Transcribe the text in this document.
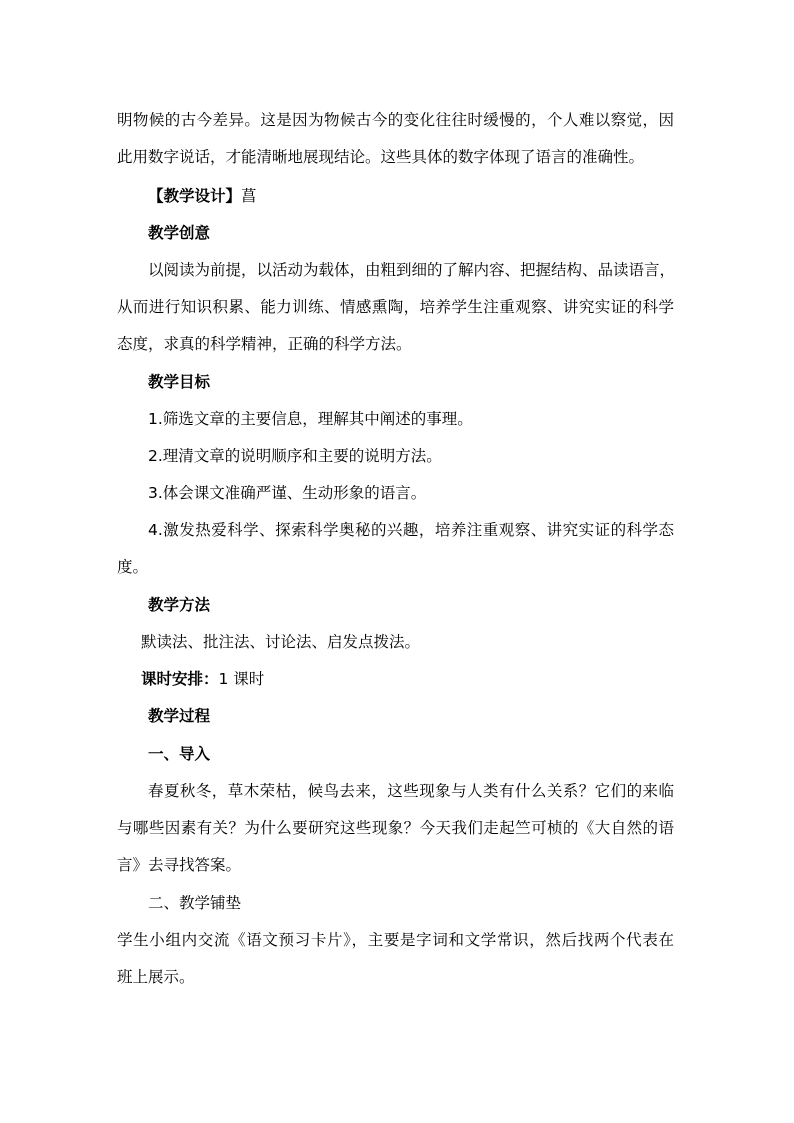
明物候的古今差异。这是因为物候古今的变化往往时缓慢的，个人难以察觉，因
此用数字说话，才能清晰地展现结论。这些具体的数字体现了语言的准确性。
【教学设计】菖
教学创意
以阅读为前提，以活动为载体，由粗到细的了解内容、把握结构、品读语言，
从而进行知识积累、能力训练、情感熏陶，培养学生注重观察、讲究实证的科学
态度，求真的科学精神，正确的科学方法。
教学目标
1.筛选文章的主要信息，理解其中阐述的事理。
2.理清文章的说明顺序和主要的说明方法。
3.体会课文准确严谨、生动形象的语言。
4.激发热爱科学、探索科学奥秘的兴趣，培养注重观察、讲究实证的科学态
度。
教学方法
默读法、批注法、讨论法、启发点拨法。
课时安排：1 课时
教学过程
一、导入
春夏秋冬，草木荣枯，候鸟去来，这些现象与人类有什么关系？它们的来临
与哪些因素有关？为什么要研究这些现象？今天我们走起竺可桢的《大自然的语
言》去寻找答案。
二、教学铺垫
学生小组内交流《语文预习卡片》，主要是字词和文学常识，然后找两个代表在
班上展示。
